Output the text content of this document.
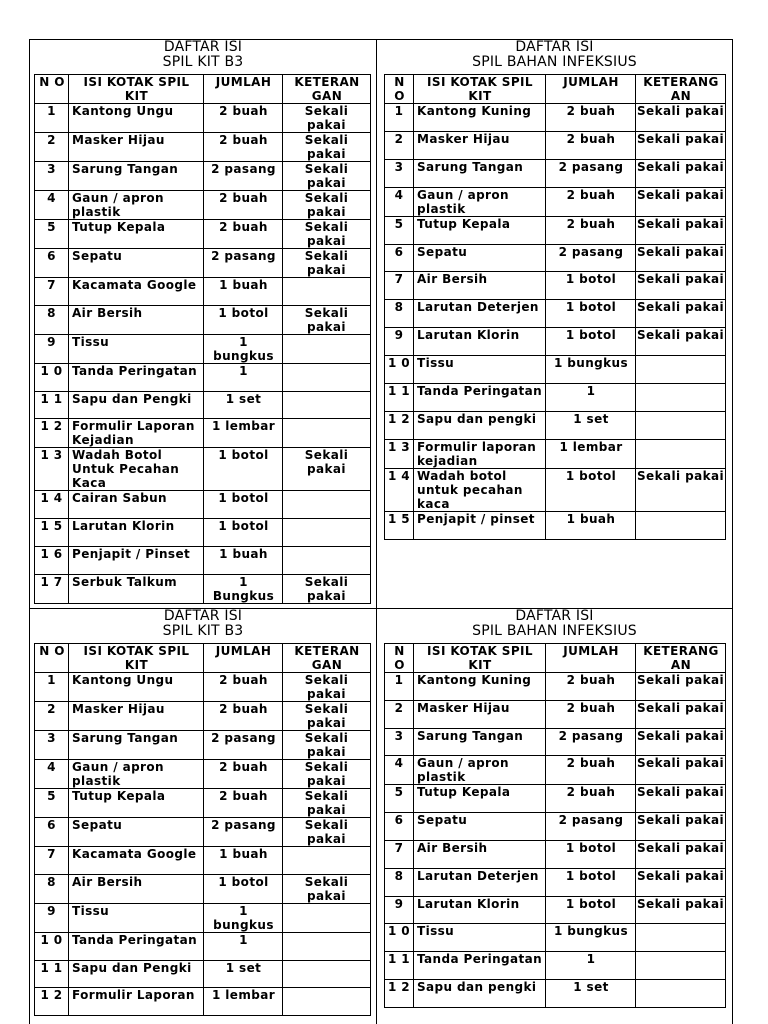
DAFTAR ISI
SPIL KIT B3
N O	ISI KOTAK SPIL KIT	JUMLAH	KETERAN GAN
1	Kantong Ungu	2 buah	Sekali pakai
2	Masker Hijau	2 buah	Sekali pakai
3	Sarung Tangan	2 pasang	Sekali pakai
4	Gaun / apron plastik	2 buah	Sekali pakai
5	Tutup Kepala	2 buah	Sekali pakai
6	Sepatu	2 pasang	Sekali pakai
7	Kacamata Google	1 buah	
8	Air Bersih	1 botol	Sekali pakai
9	Tissu	1 bungkus	
1 0	Tanda Peringatan	1	
1 1	Sapu dan Pengki	1 set	
1 2	Formulir Laporan Kejadian	1 lembar	
1 3	Wadah Botol Untuk Pecahan Kaca	1 botol	Sekali pakai
1 4	Cairan Sabun	1 botol	
1 5	Larutan Klorin	1 botol	
1 6	Penjapit / Pinset	1 buah	
1 7	Serbuk Talkum	1 Bungkus	Sekali pakai
DAFTAR ISI
SPIL BAHAN INFEKSIUS
N O	ISI KOTAK SPIL KIT	JUMLAH	KETERANG AN
1	Kantong Kuning	2 buah	Sekali pakai
2	Masker Hijau	2 buah	Sekali pakai
3	Sarung Tangan	2 pasang	Sekali pakai
4	Gaun / apron plastik	2 buah	Sekali pakai
5	Tutup Kepala	2 buah	Sekali pakai
6	Sepatu	2 pasang	Sekali pakai
7	Air Bersih	1 botol	Sekali pakai
8	Larutan Deterjen	1 botol	Sekali pakai
9	Larutan Klorin	1 botol	Sekali pakai
1 0	Tissu	1 bungkus	
1 1	Tanda Peringatan	1	
1 2	Sapu dan pengki	1 set	
1 3	Formulir laporan kejadian	1 lembar	
1 4	Wadah botol untuk pecahan kaca	1 botol	Sekali pakai
1 5	Penjapit / pinset	1 buah	
DAFTAR ISI
SPIL KIT B3
N O	ISI KOTAK SPIL KIT	JUMLAH	KETERAN GAN
1	Kantong Ungu	2 buah	Sekali pakai
2	Masker Hijau	2 buah	Sekali pakai
3	Sarung Tangan	2 pasang	Sekali pakai
4	Gaun / apron plastik	2 buah	Sekali pakai
5	Tutup Kepala	2 buah	Sekali pakai
6	Sepatu	2 pasang	Sekali pakai
7	Kacamata Google	1 buah	
8	Air Bersih	1 botol	Sekali pakai
9	Tissu	1 bungkus	
1 0	Tanda Peringatan	1	
1 1	Sapu dan Pengki	1 set	
1 2	Formulir Laporan	1 lembar	
DAFTAR ISI
SPIL BAHAN INFEKSIUS
N O	ISI KOTAK SPIL KIT	JUMLAH	KETERANG AN
1	Kantong Kuning	2 buah	Sekali pakai
2	Masker Hijau	2 buah	Sekali pakai
3	Sarung Tangan	2 pasang	Sekali pakai
4	Gaun / apron plastik	2 buah	Sekali pakai
5	Tutup Kepala	2 buah	Sekali pakai
6	Sepatu	2 pasang	Sekali pakai
7	Air Bersih	1 botol	Sekali pakai
8	Larutan Deterjen	1 botol	Sekali pakai
9	Larutan Klorin	1 botol	Sekali pakai
1 0	Tissu	1 bungkus	
1 1	Tanda Peringatan	1	
1 2	Sapu dan pengki	1 set	
